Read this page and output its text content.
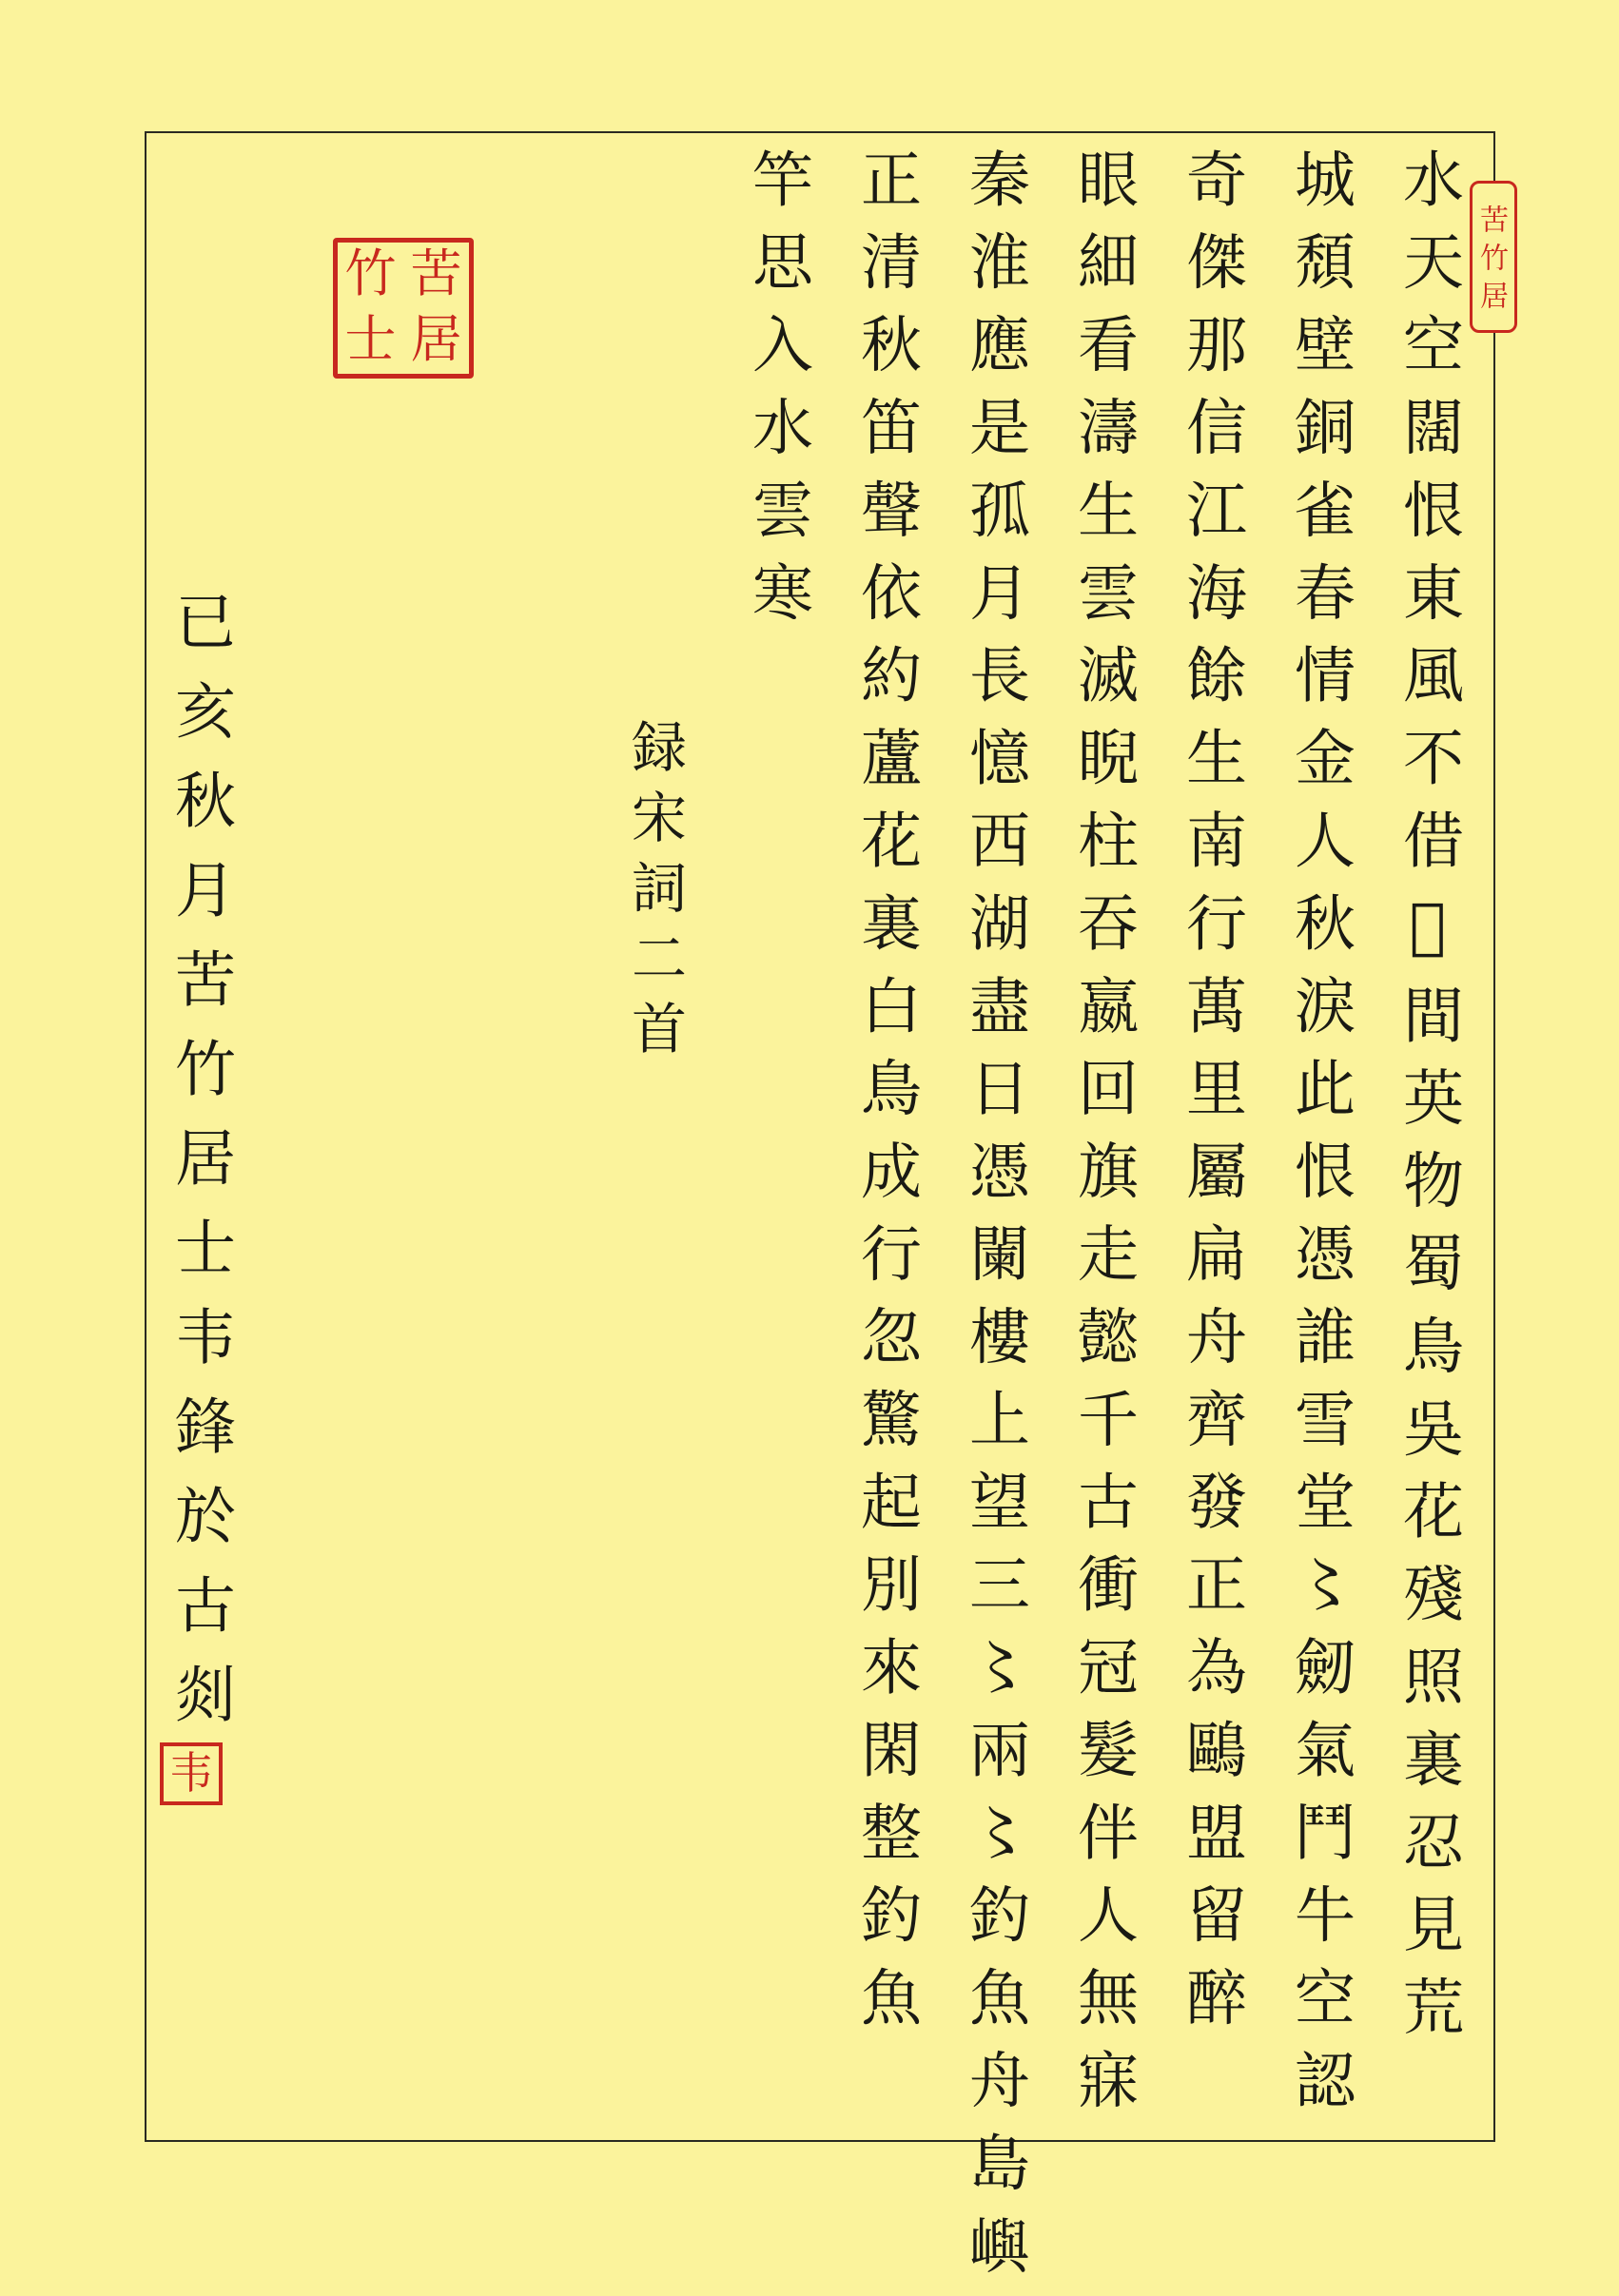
苦竹居
水天空闊恨東風不借𫝀間英物蜀鳥吳花殘照裏忍見荒
城頹壁銅雀春情金人秋淚此恨憑誰雪堂〻劒氣鬥牛空認
奇傑那信江海餘生南行萬里屬扁舟齊發正為鷗盟留醉
眼細看濤生雲滅睨柱吞嬴回旗走懿千古衝冠髮伴人無寐
秦淮應是孤月長憶西湖盡日憑闌樓上望三〻兩〻釣魚舟島嶼
正清秋笛聲依約蘆花裏白鳥成行忽驚起別來閑整釣魚
竿思入水雲寒
録宋詞二首
苦
竹
居
士
已亥秋月苦竹居士韦鋒於古剡
韦
